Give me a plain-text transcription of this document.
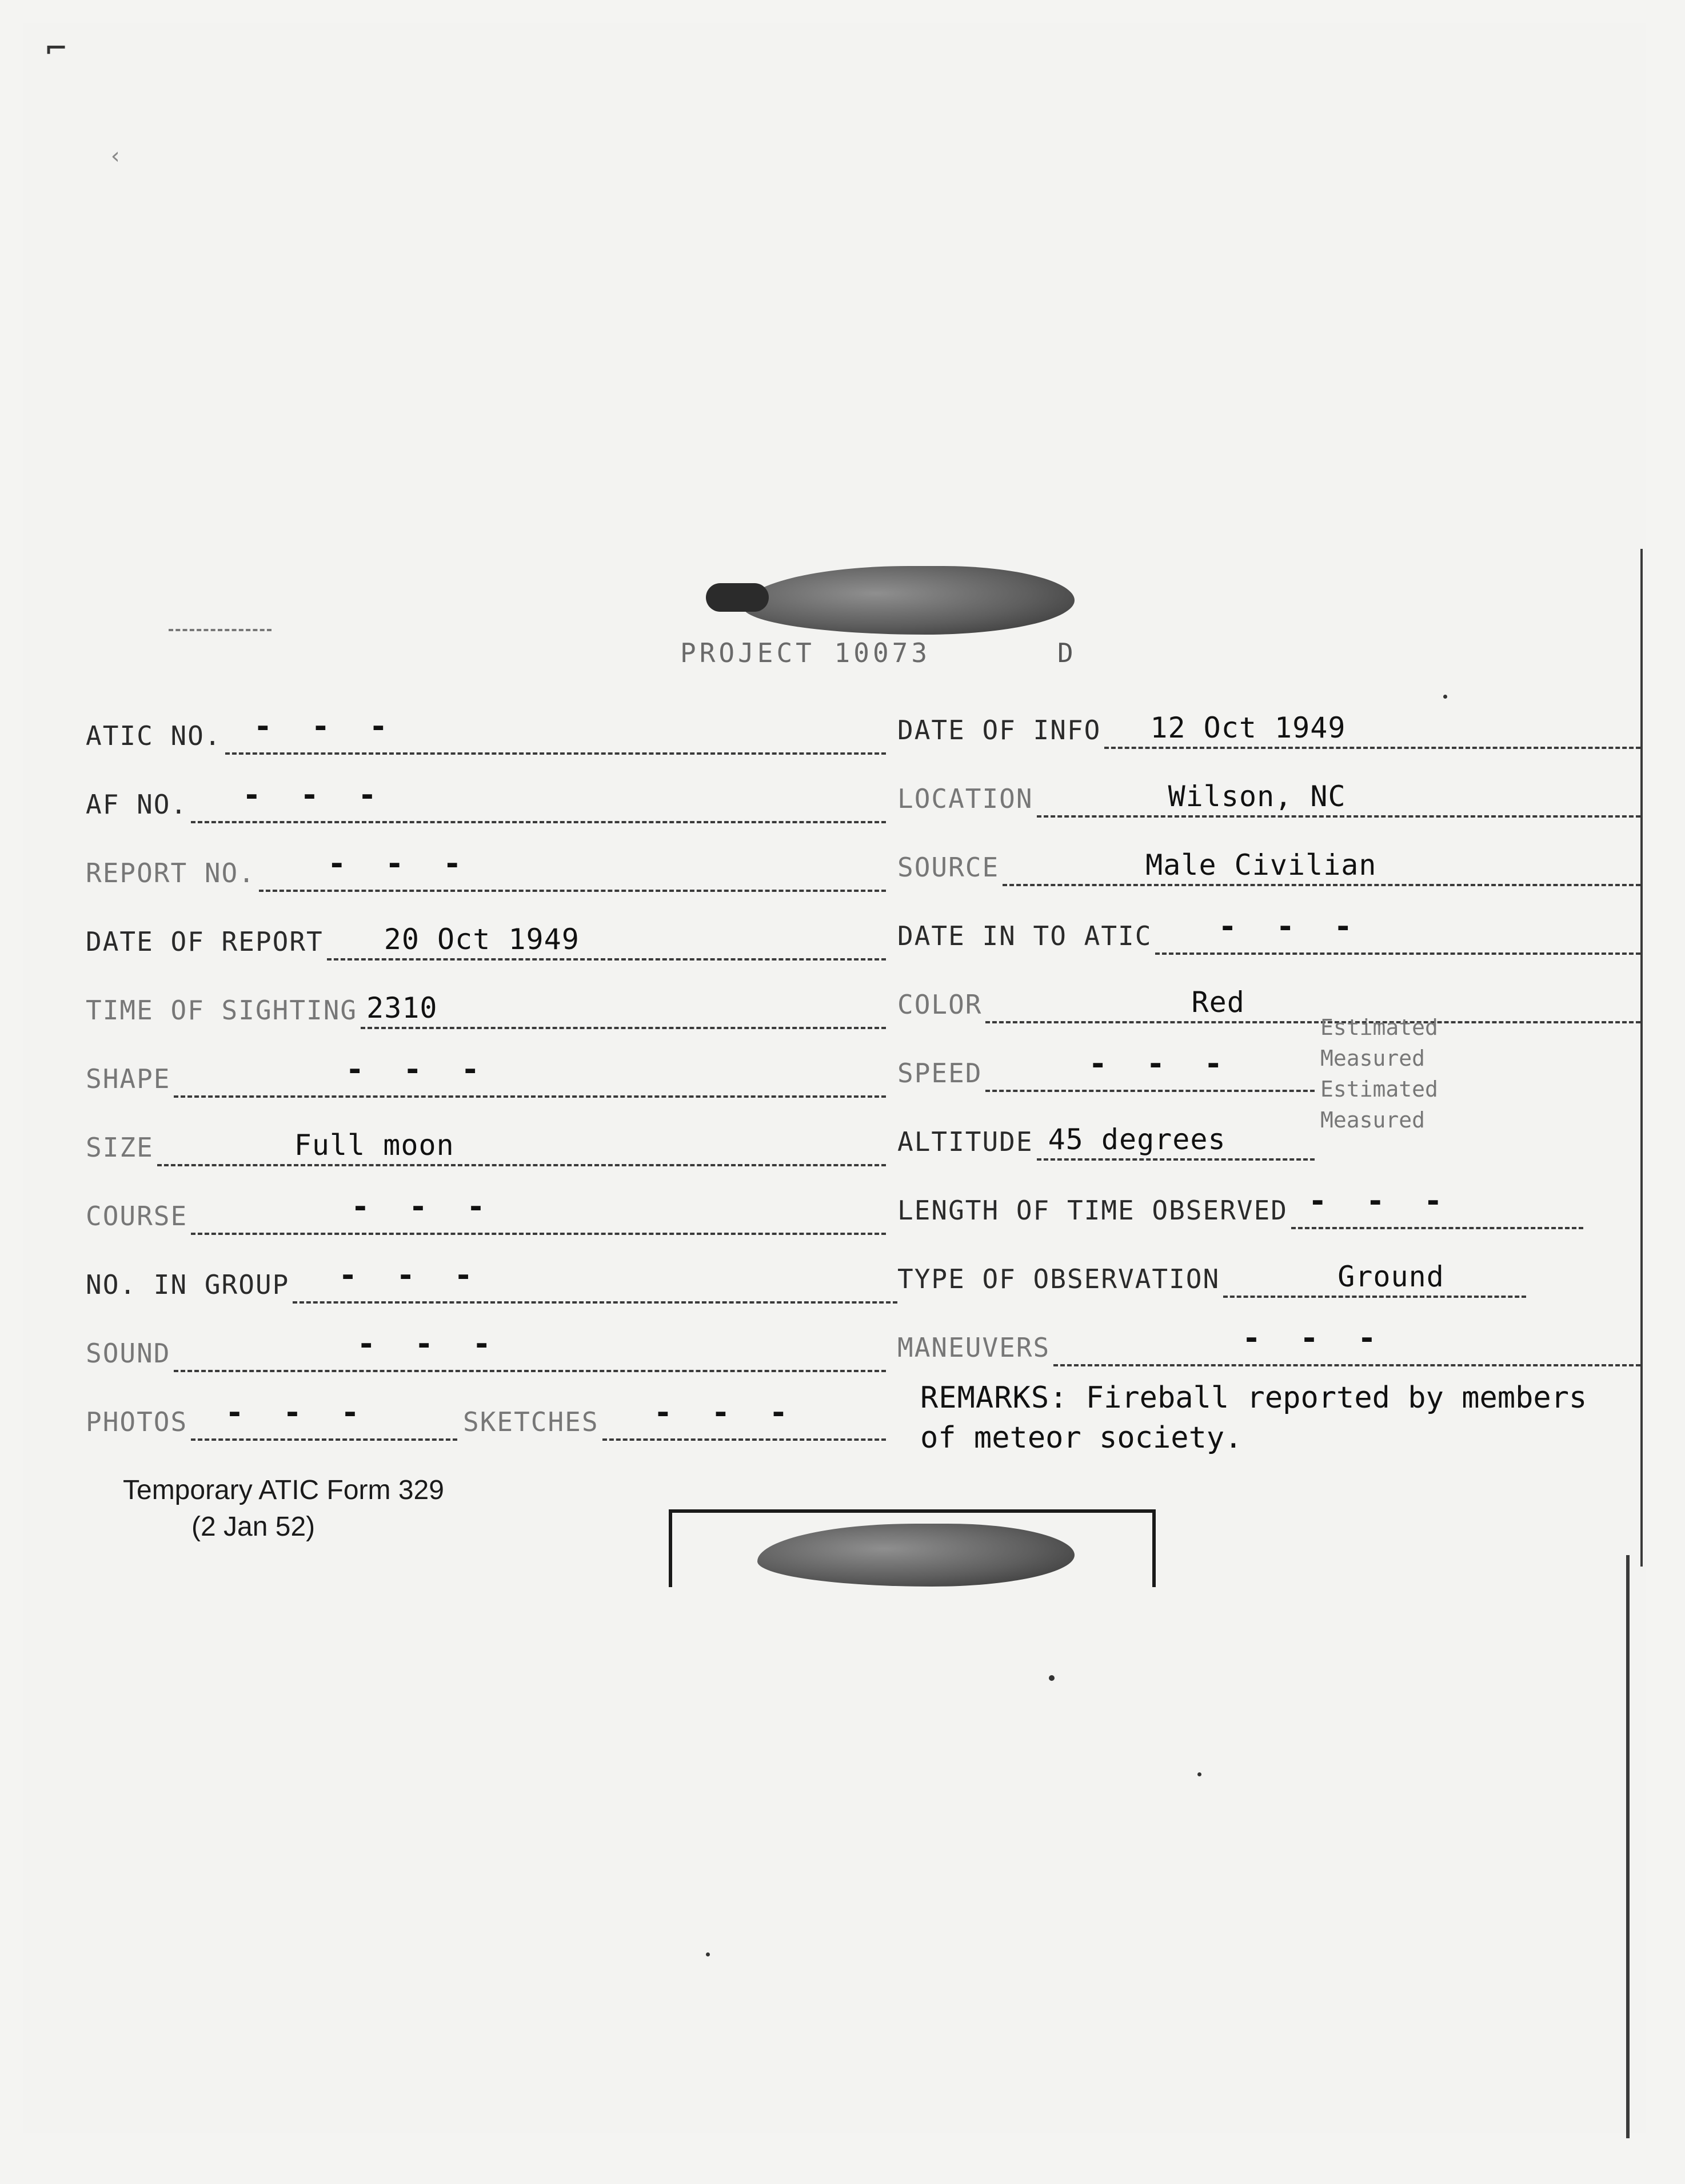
⌐
‹
PROJECT 10073	D
ATIC NO. - - -
AF NO. - - -
REPORT NO. - - -
DATE OF REPORT 20 Oct 1949
TIME OF SIGHTING 2310
SHAPE	- - -
SIZE	Full moon
COURSE	- - -
NO. IN GROUP - - -
SOUND	- - -
PHOTOS - - -	SKETCHES - - -
DATE OF INFO 12 Oct 1949
LOCATION	Wilson, NC
SOURCE	Male Civilian
DATE IN TO ATIC - - -
COLOR	Red
SPEED	- - -
Estimated
Measured
Estimated
Measured
ALTITUDE 45 degrees
LENGTH OF TIME OBSERVED - - -
TYPE OF OBSERVATION	Ground
MANEUVERS	- - -
REMARKS: Fireball reported by members
of meteor society.
Temporary ATIC Form 329
(2 Jan 52)
